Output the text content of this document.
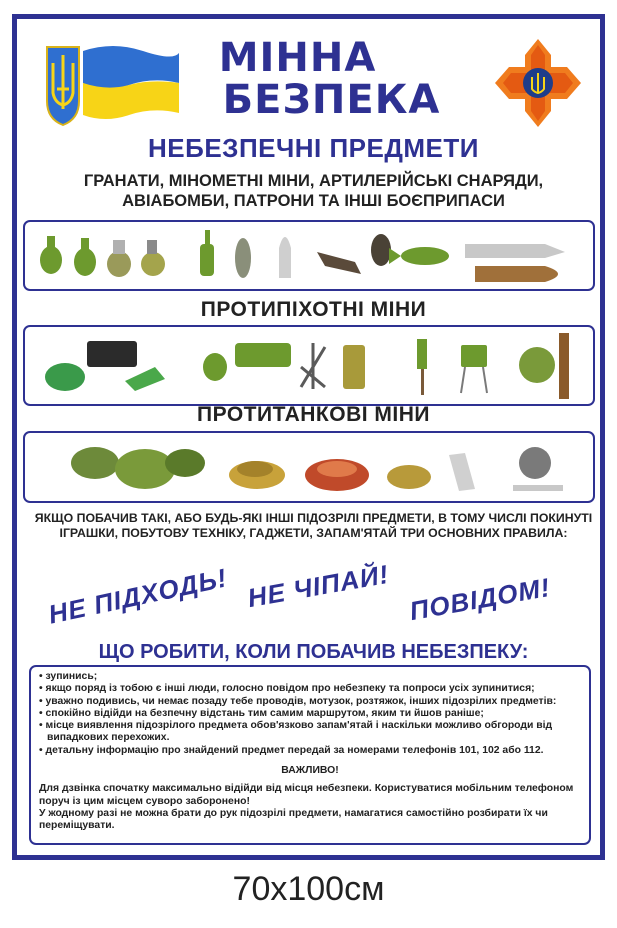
МІННА
БЕЗПЕКА
НЕБЕЗПЕЧНІ ПРЕДМЕТИ
ГРАНАТИ, МІНОМЕТНІ МІНИ, АРТИЛЕРІЙСЬКІ СНАРЯДИ,
АВІАБОМБИ, ПАТРОНИ ТА ІНШІ БОЄПРИПАСИ
ПРОТИПІХОТНІ МІНИ
ПРОТИТАНКОВІ МІНИ
ЯКЩО ПОБАЧИВ ТАКІ, АБО БУДЬ-ЯКІ ІНШІ ПІДОЗРІЛІ ПРЕДМЕТИ, В ТОМУ ЧИСЛІ ПОКИНУТІ
ІГРАШКИ, ПОБУТОВУ ТЕХНІКУ, ГАДЖЕТИ, ЗАПАМ'ЯТАЙ ТРИ ОСНОВНИХ ПРАВИЛА:
НЕ ПІДХОДЬ! НЕ ЧІПАЙ! ПОВІДОМ!
ЩО РОБИТИ, КОЛИ ПОБАЧИВ НЕБЕЗПЕКУ:
• зупинись;
• якщо поряд із тобою є інші люди, голосно повідом про небезпеку та попроси усіх зупинитися;
• уважно подивись, чи немає позаду тебе проводів, мотузок, розтяжок, інших підозрілих предметів:
• спокійно відійди на безпечну відстань тим самим маршрутом, яким ти йшов раніше;
• місце виявлення підозрілого предмета обов'язково запам'ятай і наскільки можливо обгороди від випадкових перехожих.
• детальну інформацію про знайдений предмет передай за номерами телефонів 101, 102 або 112.
ВАЖЛИВО!
Для дзвінка спочатку максимально відійди від місця небезпеки. Користуватися мобільним телефоном поруч із цим місцем суворо заборонено!
У жодному разі не можна брати до рук підозрілі предмети, намагатися самостійно розбирати їх чи переміщувати.
70x100см
